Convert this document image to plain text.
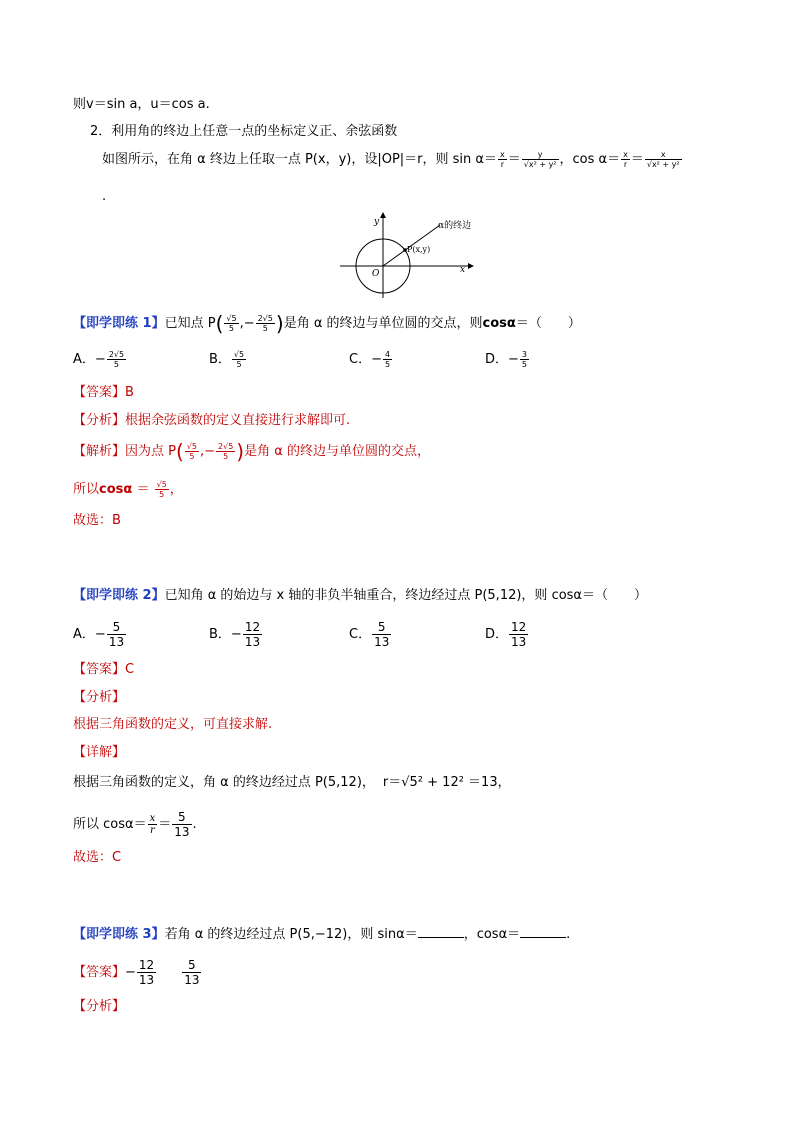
则v＝sin a，u＝cos a.
2．利用角的终边上任意一点的坐标定义正、余弦函数
如图所示，在角 α 终边上任取一点 P(x，y)，设|OP|＝r，则 $\sin \alpha= \frac{x}{r} = \frac{y}{\text{√x² + y²}}$ ，$\cos \alpha= \frac{x}{r} = \frac{x}{\text{√x² + y²}}$
.
y
x
O
P(x,y)
α的终边
【即学即练 1】已知点 $P( \frac{√5}{5}$ ,− $\frac{2√5}{5}$ )是角 α 的终边与单位圆的交点，则cosα＝（　　）
A．− $\frac{2√5}{5}$	B． $\frac{√5}{5}$	C．− $\frac{4}{5}$	D．− $\frac{3}{5}$
【答案】B
【分析】根据余弦函数的定义直接进行求解即可.
【解析】因为点 $P( \frac{√5}{5}$ ,− $\frac{2√5}{5}$ )是角 α 的终边与单位圆的交点，
所以$\cos\alpha = \frac{√5}{5}$ ，
故选：B
【即学即练 2】已知角 α 的始边与 x 轴的非负半轴重合，终边经过点 P(5,12)，则 cosα＝（　　）
A．− $\frac{5}{13}$	B．− $\frac{12}{13}$	C． $\frac{5}{13}$	D． $\frac{12}{13}$
【答案】C
【分析】
根据三角函数的定义，可直接求解.
【详解】
根据三角函数的定义，角 α 的终边经过点 P(5,12)， r＝√5² + 12² ＝13，
所以 $\cos\alpha= \frac{x}{r} = \frac{5}{13}$ .
故选：C
【即学即练 3】若角 α 的终边经过点 P(5,−12)，则 sinα＝	，cosα＝	.
【答案】− $\frac{12}{13} \frac{5}{13}$
【分析】
